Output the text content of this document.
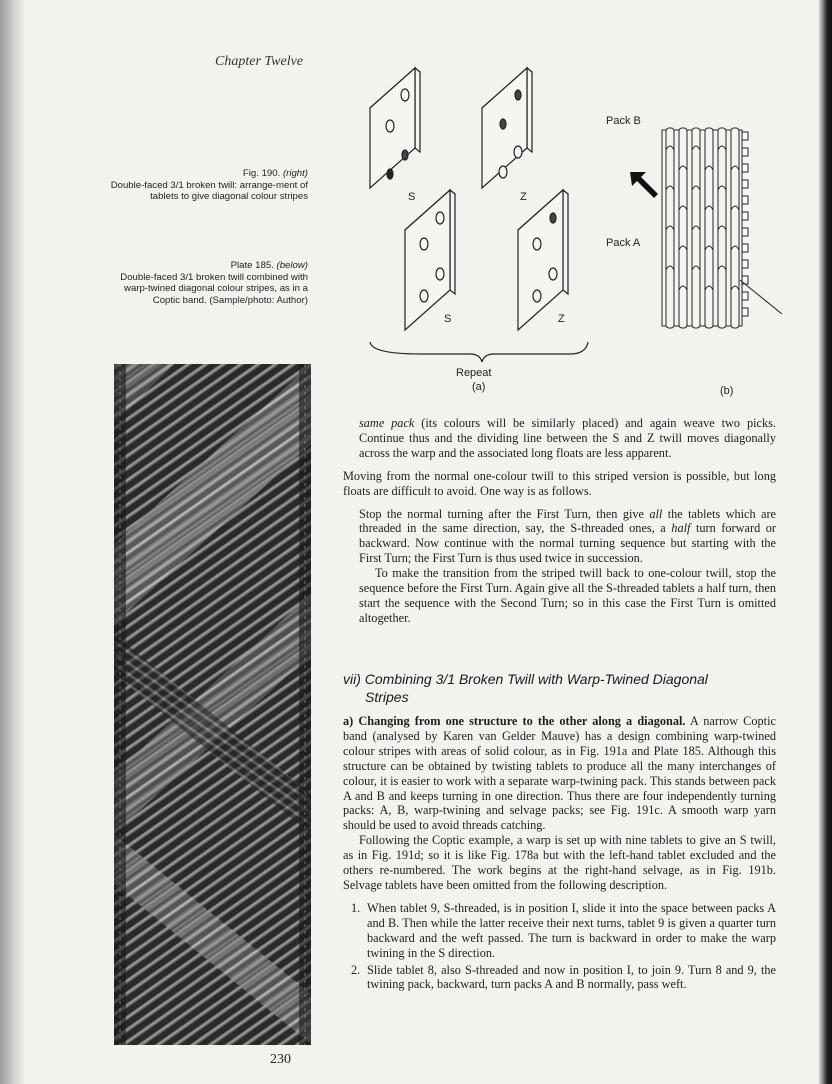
Chapter Twelve
Fig. 190. (right)
Double-faced 3/1 broken twill: arrange-ment of tablets to give diagonal colour stripes
Plate 185. (below)
Double-faced 3/1 broken twill combined with warp-twined diagonal colour stripes, as in a Coptic band. (Sample/photo: Author)
S	Z
S	Z
Repeat
(a)	(b)
Pack B
Pack A

same pack (its colours will be similarly placed) and again weave two picks. Continue thus and the dividing line between the S and Z twill moves diagonally across the warp and the associated long floats are less apparent.

Moving from the normal one-colour twill to this striped version is possible, but long floats are difficult to avoid. One way is as follows.

Stop the normal turning after the First Turn, then give all the tablets which are threaded in the same direction, say, the S-threaded ones, a half turn forward or backward. Now continue with the normal turning sequence but starting with the First Turn; the First Turn is thus used twice in succession.

To make the transition from the striped twill back to one-colour twill, stop the sequence before the First Turn. Again give all the S-threaded tablets a half turn, then start the sequence with the Second Turn; so in this case the First Turn is omitted altogether.

vii) Combining 3/1 Broken Twill with Warp-Twined Diagonal
Stripes

a) Changing from one structure to the other along a diagonal. A narrow Coptic band (analysed by Karen van Gelder Mauve) has a design combining warp-twined colour stripes with areas of solid colour, as in Fig. 191a and Plate 185. Although this structure can be obtained by twisting tablets to produce all the many interchanges of colour, it is easier to work with a separate warp-twining pack. This stands between pack A and B and keeps turning in one direction. Thus there are four independently turning packs: A, B, warp-twining and selvage packs; see Fig. 191c. A smooth warp yarn should be used to avoid threads catching.

Following the Coptic example, a warp is set up with nine tablets to give an S twill, as in Fig. 191d; so it is like Fig. 178a but with the left-hand tablet excluded and the others re-numbered. The work begins at the right-hand selvage, as in Fig. 191b. Selvage tablets have been omitted from the following description.

1. When tablet 9, S-threaded, is in position I, slide it into the space between packs A and B. Then while the latter receive their next turns, tablet 9 is given a quarter turn backward and the weft passed. The turn is backward in order to make the warp twining in the S direction.
2. Slide tablet 8, also S-threaded and now in position I, to join 9. Turn 8 and 9, the twining pack, backward, turn packs A and B normally, pass weft.
230
